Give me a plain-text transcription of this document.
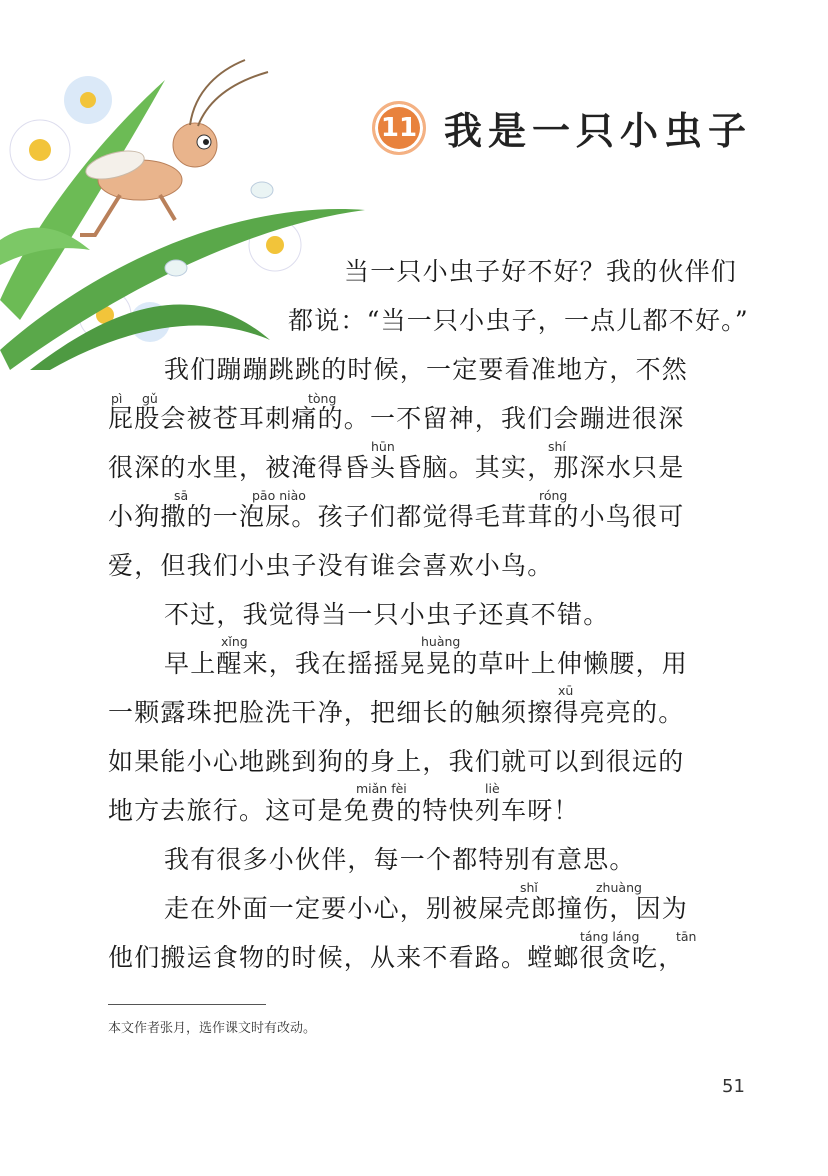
11 我是一只小虫子
pì gǔ	tòng
hūn	shí
sā	pāo niào	róng
xǐng	huàng
xū
miǎn fèi	liè
shǐ	zhuàng
táng láng	tān
当一只小虫子好不好？我的伙伴们
都说：“当一只小虫子，一点儿都不好。”
我们蹦蹦跳跳的时候，一定要看准地方，不然
屁股会被苍耳刺痛的。一不留神，我们会蹦进很深
很深的水里，被淹得昏头昏脑。其实，那深水只是
小狗撒的一泡尿。孩子们都觉得毛茸茸的小鸟很可
爱，但我们小虫子没有谁会喜欢小鸟。
不过，我觉得当一只小虫子还真不错。
早上醒来，我在摇摇晃晃的草叶上伸懒腰，用
一颗露珠把脸洗干净，把细长的触须擦得亮亮的。
如果能小心地跳到狗的身上，我们就可以到很远的
地方去旅行。这可是免费的特快列车呀！
我有很多小伙伴，每一个都特别有意思。
走在外面一定要小心，别被屎壳郎撞伤，因为
他们搬运食物的时候，从来不看路。螳螂很贪吃，
本文作者张月，选作课文时有改动。
51
